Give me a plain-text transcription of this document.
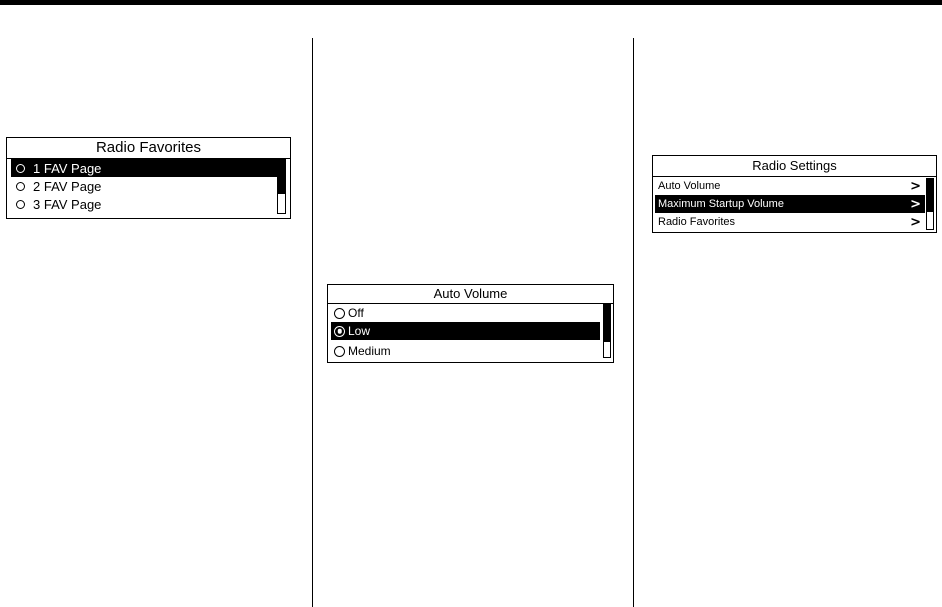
Radio Favorites
1 FAV Page
2 FAV Page
3 FAV Page
Auto Volume
Off
Low
Medium
Radio Settings
Auto Volume	>
Maximum Startup Volume	>
Radio Favorites	>
